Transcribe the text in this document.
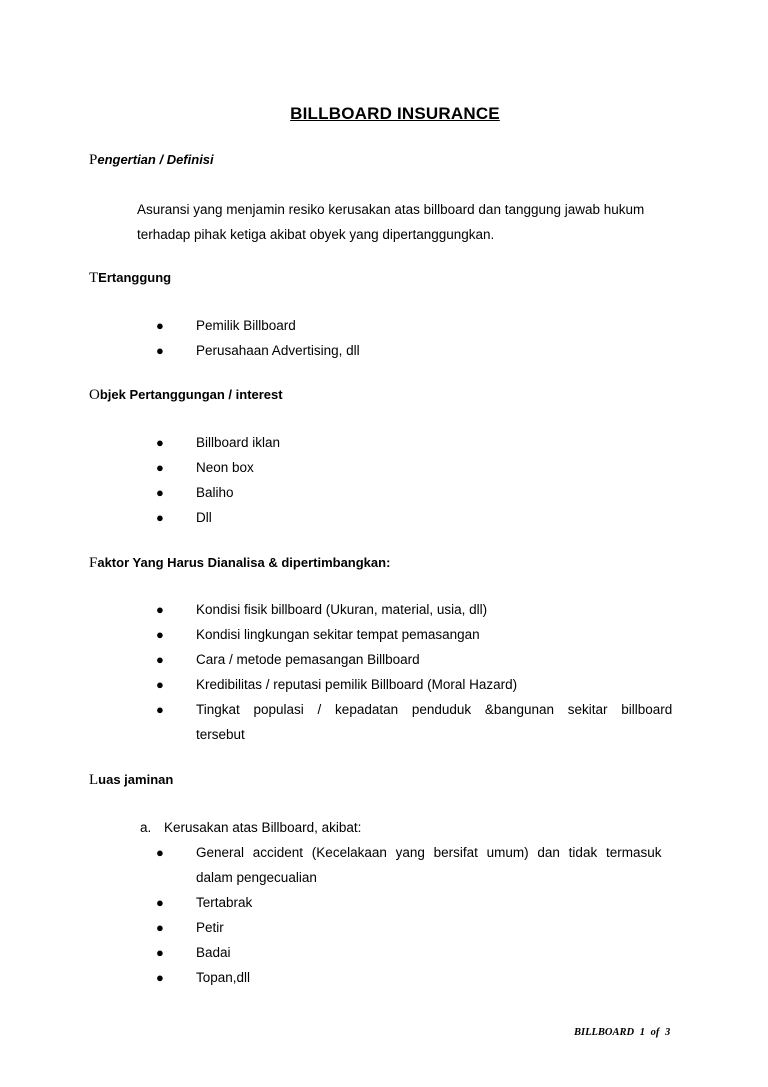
BILLBOARD INSURANCE
Pengertian / Definisi
Asuransi yang menjamin resiko kerusakan atas billboard dan tanggung jawab hukum
terhadap pihak ketiga akibat obyek yang dipertanggungkan.
TErtanggung
● Pemilik Billboard
● Perusahaan Advertising, dll
Objek Pertanggungan / interest
● Billboard iklan
● Neon box
● Baliho
● Dll
Faktor Yang Harus Dianalisa & dipertimbangkan:
● Kondisi fisik billboard (Ukuran, material, usia, dll)
● Kondisi lingkungan sekitar tempat pemasangan
● Cara / metode pemasangan Billboard
● Kredibilitas / reputasi pemilik Billboard (Moral Hazard)
● Tingkat populasi / kepadatan penduduk &bangunan sekitar billboard
tersebut
Luas jaminan
a. Kerusakan atas Billboard, akibat:
● General accident (Kecelakaan yang bersifat umum) dan tidak termasuk
dalam pengecualian
● Tertabrak
● Petir
● Badai
● Topan,dll
BILLBOARD 1 of 3
